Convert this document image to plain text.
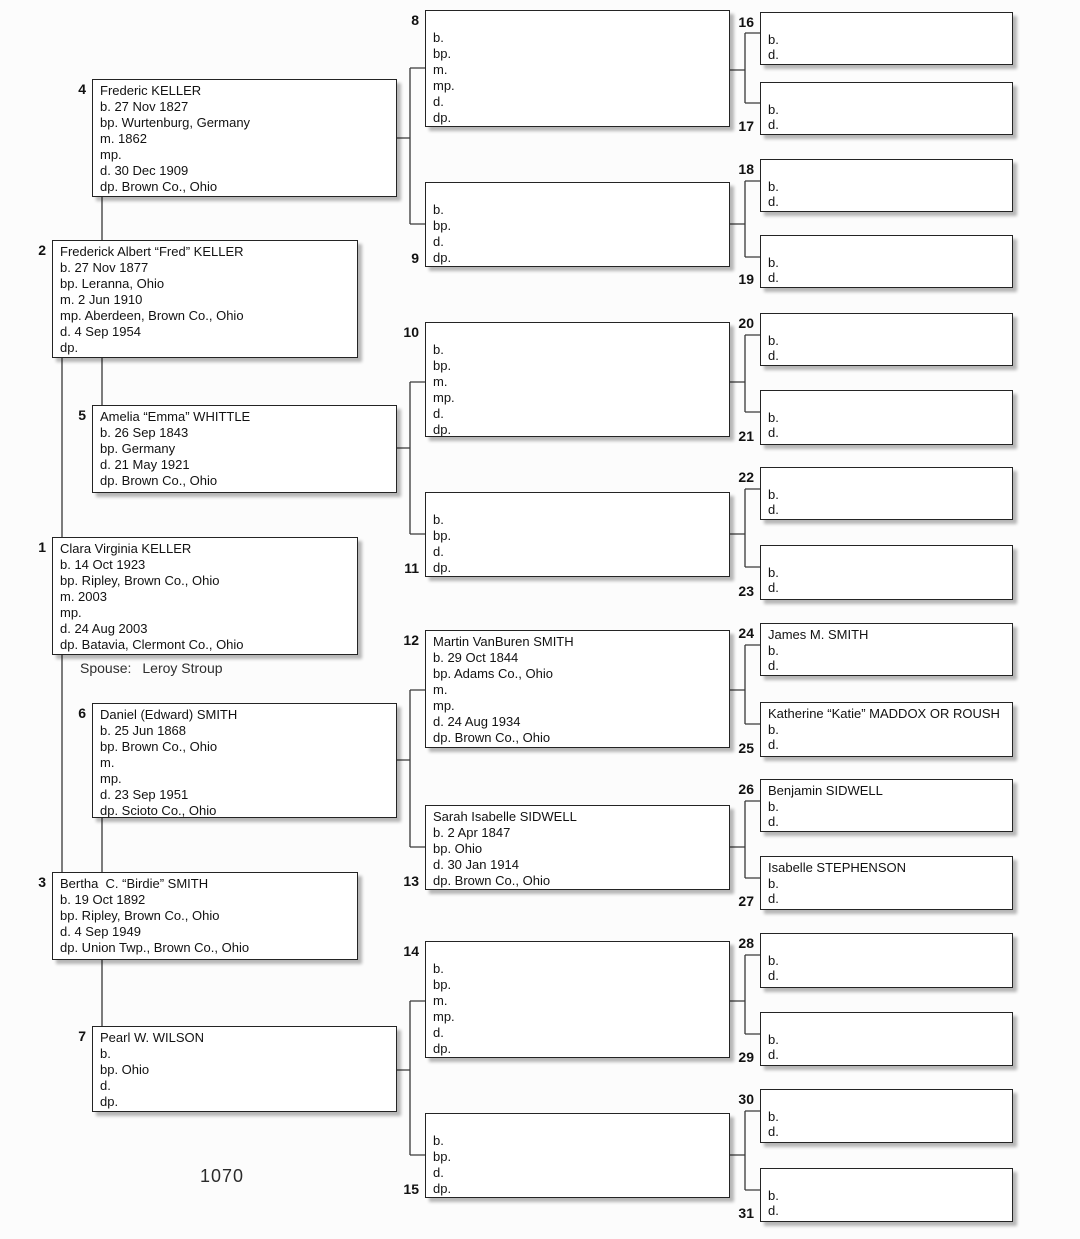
Clara Virginia KELLER
b. 14 Oct 1923
bp. Ripley, Brown Co., Ohio
m. 2003
mp.
d. 24 Aug 2003
dp. Batavia, Clermont Co., Ohio
1
Frederick Albert “Fred” KELLER
b. 27 Nov 1877
bp. Leranna, Ohio
m. 2 Jun 1910
mp. Aberdeen, Brown Co., Ohio
d. 4 Sep 1954
dp.
2
Bertha  C. “Birdie” SMITH
b. 19 Oct 1892
bp. Ripley, Brown Co., Ohio
d. 4 Sep 1949
dp. Union Twp., Brown Co., Ohio
3
Frederic KELLER
b. 27 Nov 1827
bp. Wurtenburg, Germany
m. 1862
mp.
d. 30 Dec 1909
dp. Brown Co., Ohio
4
Amelia “Emma” WHITTLE
b. 26 Sep 1843
bp. Germany
d. 21 May 1921
dp. Brown Co., Ohio
5
Daniel (Edward) SMITH
b. 25 Jun 1868
bp. Brown Co., Ohio
m.
mp.
d. 23 Sep 1951
dp. Scioto Co., Ohio
6
Pearl W. WILSON
b.
bp. Ohio
d.
dp.
7
b.
bp.
m.
mp.
d.
dp.
8
b.
bp.
d.
dp.
9
b.
bp.
m.
mp.
d.
dp.
10
b.
bp.
d.
dp.
11
Martin VanBuren SMITH
b. 29 Oct 1844
bp. Adams Co., Ohio
m.
mp.
d. 24 Aug 1934
dp. Brown Co., Ohio
12
Sarah Isabelle SIDWELL
b. 2 Apr 1847
bp. Ohio
d. 30 Jan 1914
dp. Brown Co., Ohio
13
b.
bp.
m.
mp.
d.
dp.
14
b.
bp.
d.
dp.
15
b.
d.
16
b.
d.
17
b.
d.
18
b.
d.
19
b.
d.
20
b.
d.
21
b.
d.
22
b.
d.
23
James M. SMITH
b.
d.
24
Katherine “Katie” MADDOX OR ROUSH
b.
d.
25
Benjamin SIDWELL
b.
d.
26
Isabelle STEPHENSON
b.
d.
27
b.
d.
28
b.
d.
29
b.
d.
30
b.
d.
31
Spouse: Leroy Stroup
1070
